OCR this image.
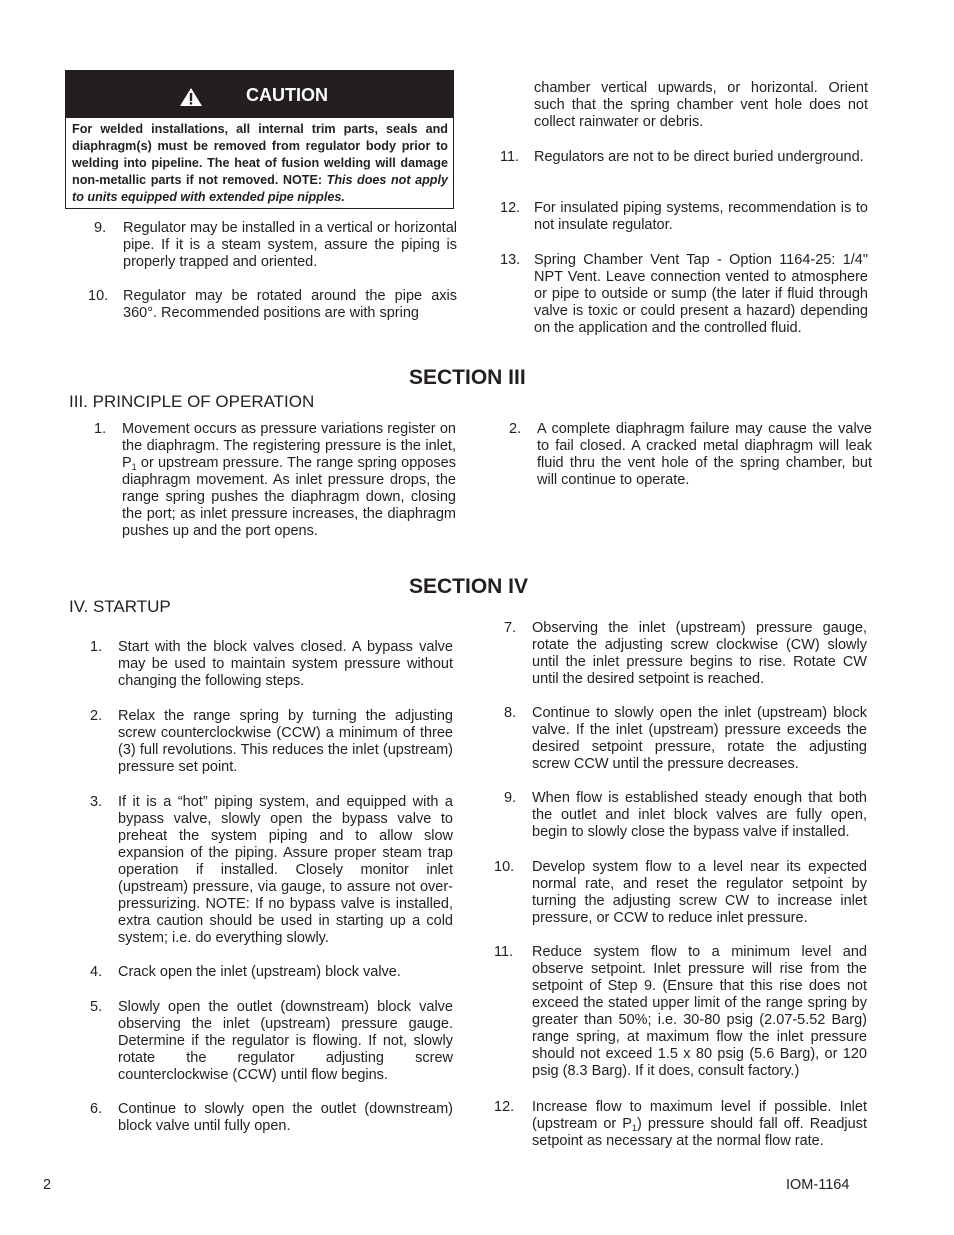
CAUTION
For welded installations, all internal trim parts, seals and diaphragm(s) must be removed from regulator body prior to welding into pipeline. The heat of fusion welding will damage non-metallic parts if not removed. NOTE: This does not apply to units equipped with extended pipe nipples.
9. Regulator may be installed in a vertical or horizontal pipe. If it is a steam system, assure the piping is properly trapped and oriented.
10. Regulator may be rotated around the pipe axis 360°. Recommended positions are with spring
chamber vertical upwards, or horizontal. Orient such that the spring chamber vent hole does not collect rainwater or debris.
11. Regulators are not to be direct buried underground.
12. For insulated piping systems, recommendation is to not insulate regulator.
13. Spring Chamber Vent Tap - Option 1164-25: 1/4" NPT Vent. Leave connection vented to atmosphere or pipe to outside or sump (the later if fluid through valve is toxic or could present a hazard) depending on the application and the controlled fluid.
SECTION III
III. PRINCIPLE OF OPERATION
1. Movement occurs as pressure variations register on the diaphragm. The registering pressure is the inlet, $P_1$ or upstream pressure. The range spring opposes diaphragm movement. As inlet pressure drops, the range spring pushes the diaphragm down, closing the port; as inlet pressure increases, the diaphragm pushes up and the port opens.
2. A complete diaphragm failure may cause the valve to fail closed. A cracked metal diaphragm will leak fluid thru the vent hole of the spring chamber, but will continue to operate.
SECTION IV
IV. STARTUP
1. Start with the block valves closed. A bypass valve may be used to maintain system pressure without changing the following steps.
2. Relax the range spring by turning the adjusting screw counterclockwise (CCW) a minimum of three (3) full revolutions. This reduces the inlet (upstream) pressure set point.
3. If it is a “hot” piping system, and equipped with a bypass valve, slowly open the bypass valve to preheat the system piping and to allow slow expansion of the piping. Assure proper steam trap operation if installed. Closely monitor inlet (upstream) pressure, via gauge, to assure not over-pressurizing. NOTE: If no bypass valve is installed, extra caution should be used in starting up a cold system; i.e. do everything slowly.
4. Crack open the inlet (upstream) block valve.
5. Slowly open the outlet (downstream) block valve observing the inlet (upstream) pressure gauge. Determine if the regulator is flowing. If not, slowly rotate the regulator adjusting screw counterclockwise (CCW) until flow begins.
6. Continue to slowly open the outlet (downstream) block valve until fully open.
7. Observing the inlet (upstream) pressure gauge, rotate the adjusting screw clockwise (CW) slowly until the inlet pressure begins to rise. Rotate CW until the desired setpoint is reached.
8. Continue to slowly open the inlet (upstream) block valve. If the inlet (upstream) pressure exceeds the desired setpoint pressure, rotate the adjusting screw CCW until the pressure decreases.
9. When flow is established steady enough that both the outlet and inlet block valves are fully open, begin to slowly close the bypass valve if installed.
10. Develop system flow to a level near its expected normal rate, and reset the regulator setpoint by turning the adjusting screw CW to increase inlet pressure, or CCW to reduce inlet pressure.
11. Reduce system flow to a minimum level and observe setpoint. Inlet pressure will rise from the setpoint of Step 9. (Ensure that this rise does not exceed the stated upper limit of the range spring by greater than 50%; i.e. 30-80 psig (2.07-5.52 Barg) range spring, at maximum flow the inlet pressure should not exceed 1.5 x 80 psig (5.6 Barg), or 120 psig (8.3 Barg). If it does, consult factory.)
12. Increase flow to maximum level if possible. Inlet (upstream or $P_1$) pressure should fall off. Readjust setpoint as necessary at the normal flow rate.
2	IOM-1164
